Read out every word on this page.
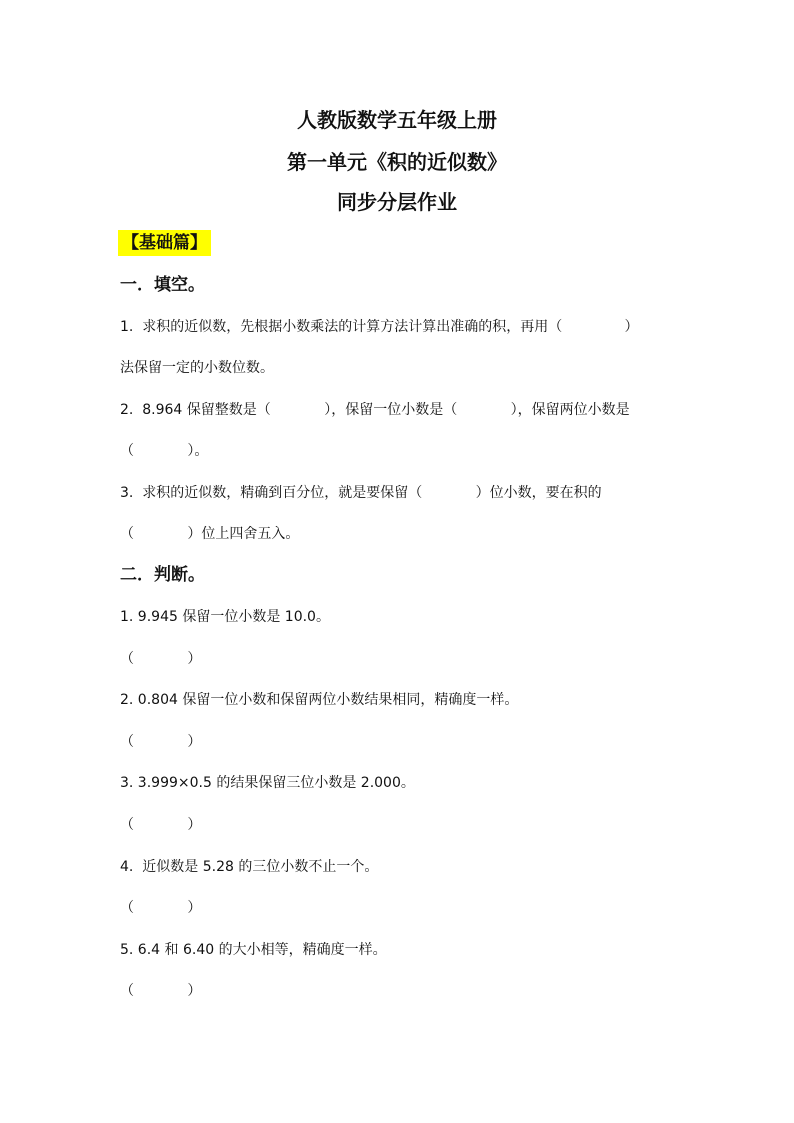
人教版数学五年级上册
第一单元《积的近似数》
同步分层作业
【基础篇】
一．填空。
1.  求积的近似数，先根据小数乘法的计算方法计算出准确的积，再用（              ）
法保留一定的小数位数。
2.  8.964 保留整数是（            ），保留一位小数是（            ），保留两位小数是
（            ）。
3.  求积的近似数，精确到百分位，就是要保留（            ）位小数，要在积的
（            ）位上四舍五入。
二．判断。
1. 9.945 保留一位小数是 10.0。
（            ）
2. 0.804 保留一位小数和保留两位小数结果相同，精确度一样。
（            ）
3. 3.999×0.5 的结果保留三位小数是 2.000。
（            ）
4.  近似数是 5.28 的三位小数不止一个。
（            ）
5. 6.4 和 6.40 的大小相等，精确度一样。
（            ）
